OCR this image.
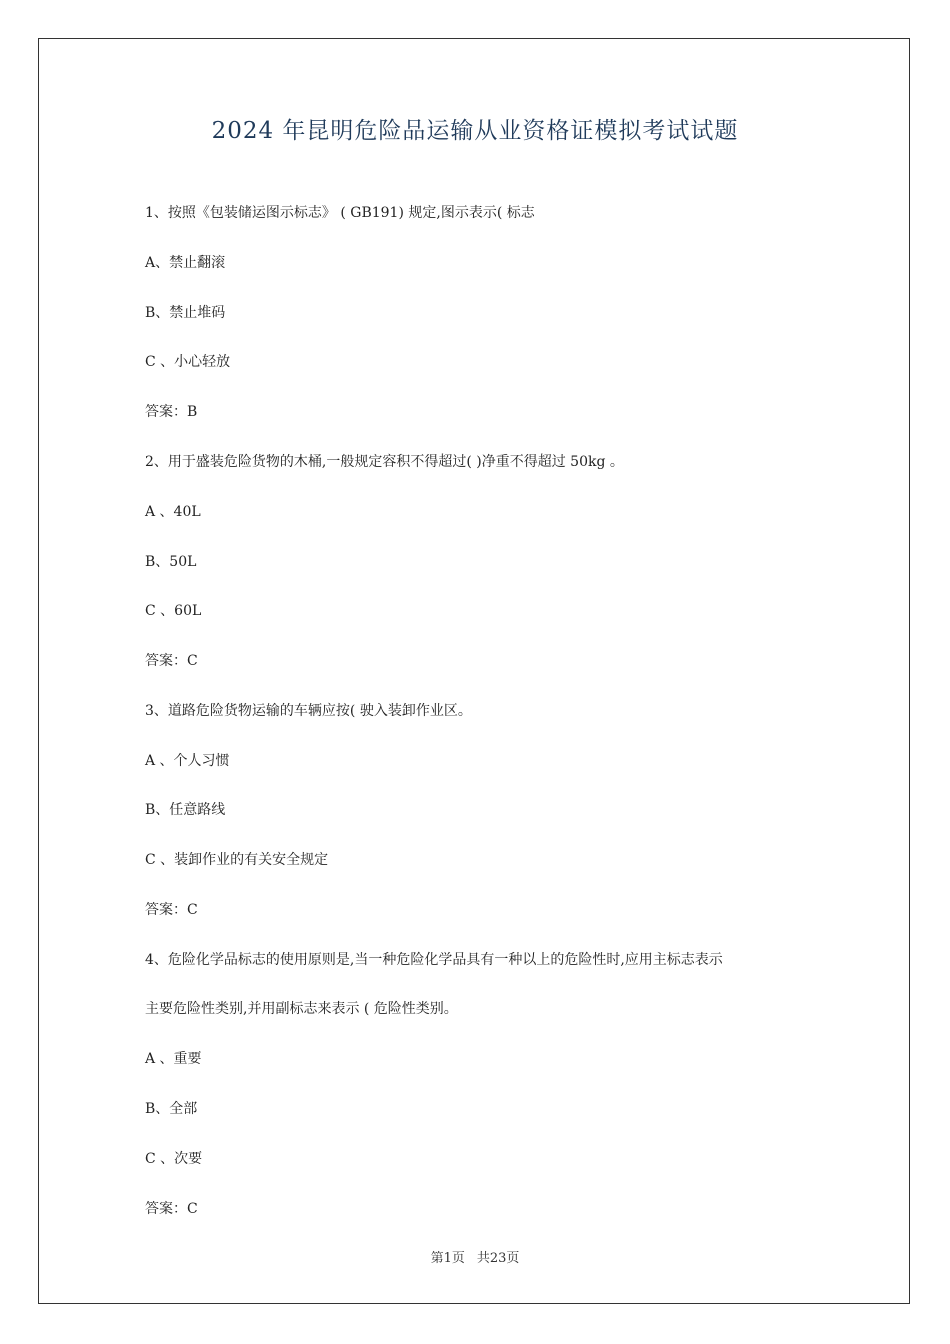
2024 年昆明危险品运输从业资格证模拟考试试题
1、按照《包装储运图示标志》 ( GB191) 规定,图示表示( 标志
A、禁止翻滚
B、禁止堆码
C 、小心轻放
答案：B
2、用于盛装危险货物的木桶,一般规定容积不得超过( )净重不得超过 50kg 。
A 、40L
B、50L
C 、60L
答案：C
3、道路危险货物运输的车辆应按( 驶入装卸作业区。
A 、个人习惯
B、任意路线
C 、装卸作业的有关安全规定
答案：C
4、危险化学品标志的使用原则是,当一种危险化学品具有一种以上的危险性时,应用主标志表示
主要危险性类别,并用副标志来表示 ( 危险性类别。
A 、重要
B、全部
C 、次要
答案：C
第1页 共23页
